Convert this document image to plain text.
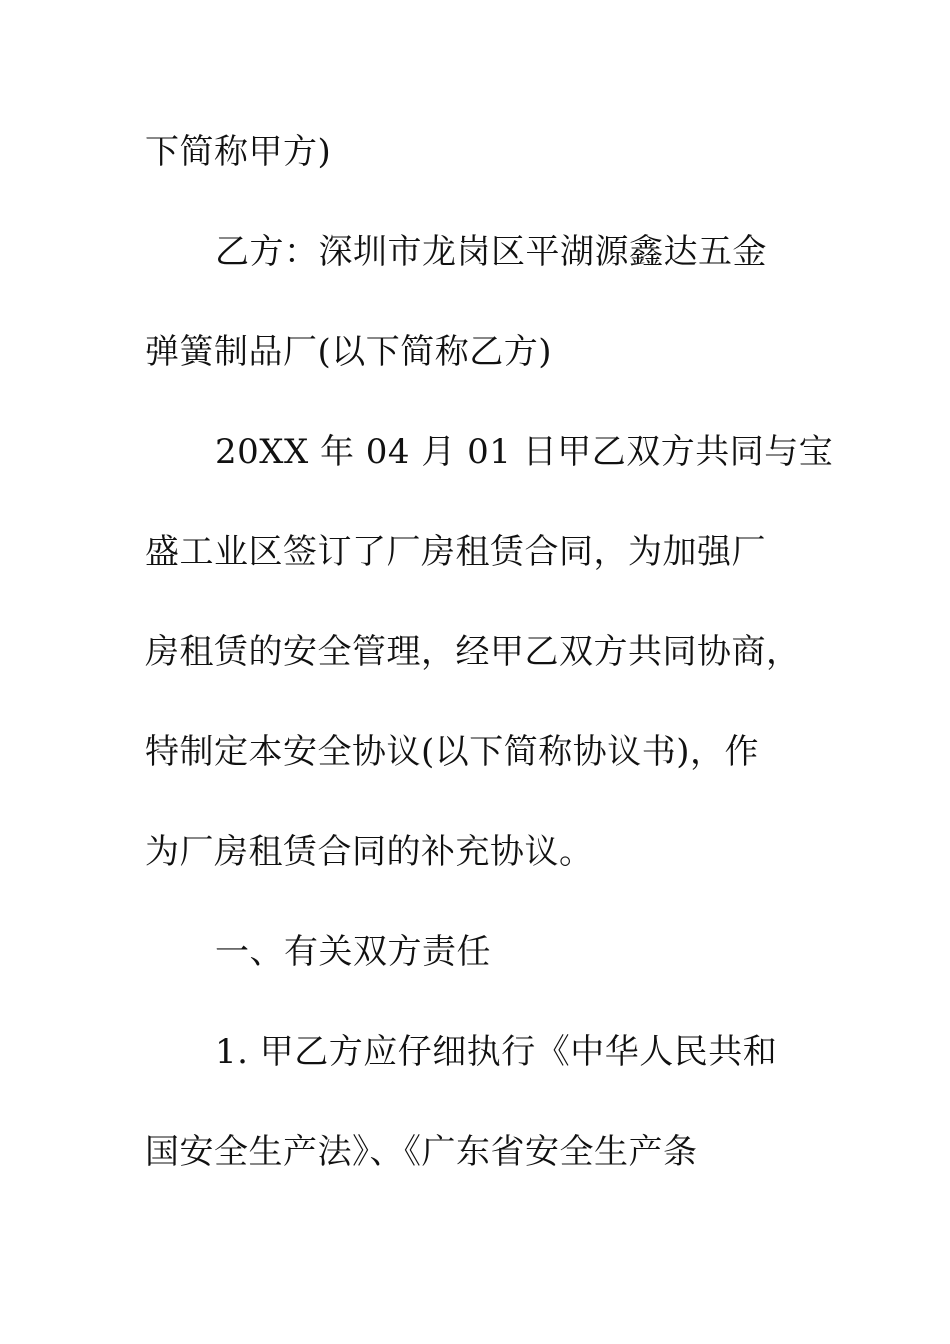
下简称甲方)
乙方：深圳市龙岗区平湖源鑫达五金
弹簧制品厂(以下简称乙方)
20XX 年 04 月 01 日甲乙双方共同与宝
盛工业区签订了厂房租赁合同，为加强厂
房租赁的安全管理，经甲乙双方共同协商，
特制定本安全协议(以下简称协议书)，作
为厂房租赁合同的补充协议。
一、有关双方责任
1. 甲乙方应仔细执行《中华人民共和
国安全生产法》、《广东省安全生产条
